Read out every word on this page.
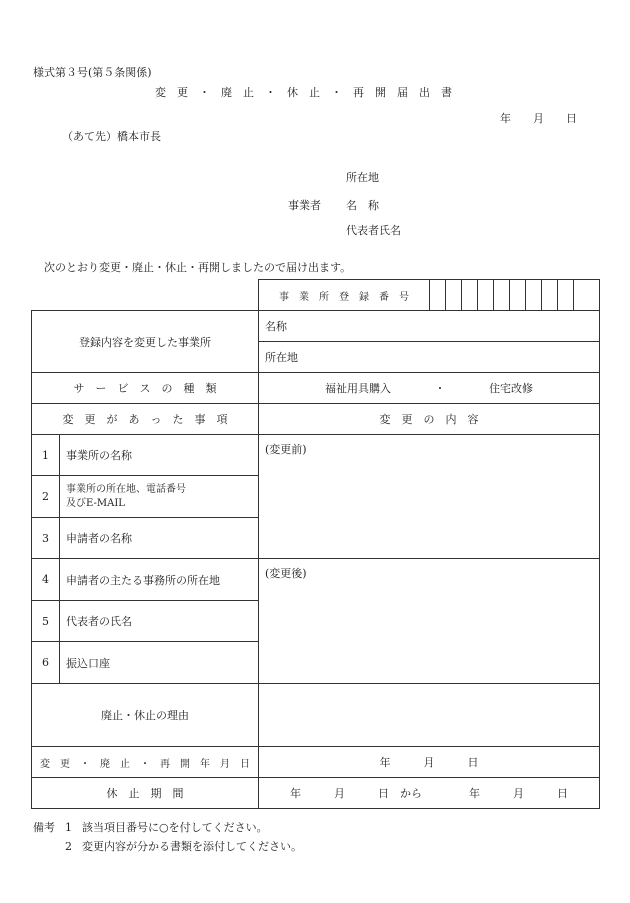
様式第３号(第５条関係)
変　更　・　廃　止　・　休　止　・　再　開　届　出　書
年 月 日
（あて先）橋本市長
所在地
事業者 名　称
代表者氏名
次のとおり変更・廃止・休止・再開しましたので届け出ます。

事　業　所　登　録　番　号

登録内容を変更した事業所		名称
		所在地
サ　ー　ビ　ス　の　種　類		福祉用具購入 ・ 住宅改修
変　更　が　あ　っ　た　事　項		変　更　の　内　容
1	事業所の名称	(変更前)
2	事業所の所在地、電話番号
及びE-MAIL	

3	申請者の名称	
4	申請者の主たる事務所の所在地	(変更後)
5	代表者の氏名	
6	振込口座	
廃止・休止の理由		
変　更　・　廃　止　・　再　開　年　月　日		年　　　月　　　日
休　止　期　間		年　　　月　　　日　から 年　　　月　　　日
備考 1 該当項目番号に○を付してください。
2 変更内容が分かる書類を添付してください。
